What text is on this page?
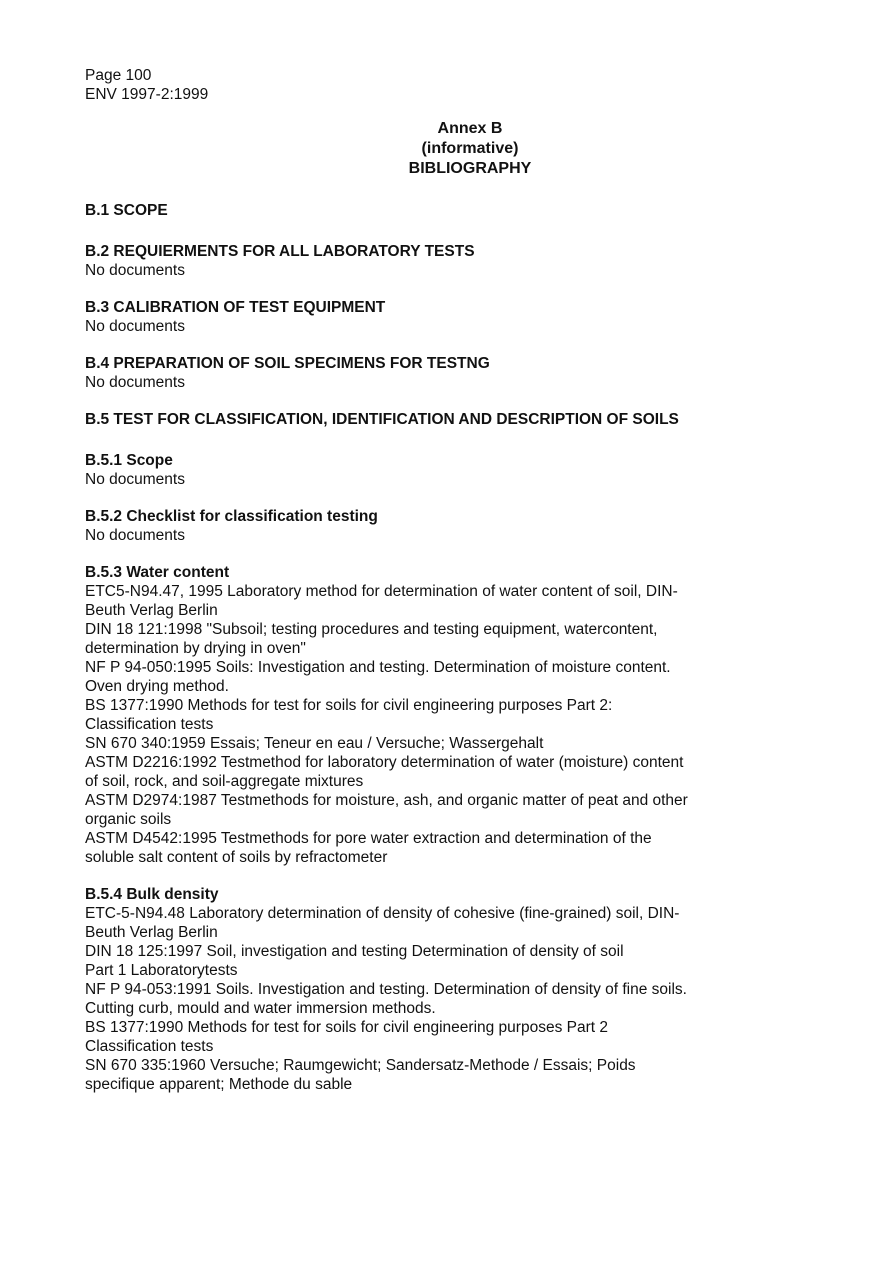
Page 100
ENV 1997-2:1999
Annex B
(informative)
BIBLIOGRAPHY
B.1 SCOPE
B.2 REQUIERMENTS FOR ALL LABORATORY TESTS
No documents
B.3 CALIBRATION OF TEST EQUIPMENT
No documents
B.4 PREPARATION OF SOIL SPECIMENS FOR TESTNG
No documents
B.5 TEST FOR CLASSIFICATION, IDENTIFICATION AND DESCRIPTION OF SOILS
B.5.1 Scope
No documents
B.5.2 Checklist for classification testing
No documents
B.5.3 Water content
ETC5-N94.47, 1995 Laboratory method for determination of water content of soil, DIN-
Beuth Verlag Berlin
DIN 18 121:1998 "Subsoil; testing procedures and testing equipment, watercontent,
determination by drying in oven"
NF P 94-050:1995 Soils: Investigation and testing. Determination of moisture content.
Oven drying method.
BS 1377:1990 Methods for test for soils for civil engineering purposes Part 2:
Classification tests
SN 670 340:1959 Essais; Teneur en eau / Versuche; Wassergehalt
ASTM D2216:1992 Testmethod for laboratory determination of water (moisture) content
of soil, rock, and soil-aggregate mixtures
ASTM D2974:1987 Testmethods for moisture, ash, and organic matter of peat and other
organic soils
ASTM D4542:1995 Testmethods for pore water extraction and determination of the
soluble salt content of soils by refractometer
B.5.4 Bulk density
ETC-5-N94.48 Laboratory determination of density of cohesive (fine-grained) soil, DIN-
Beuth Verlag Berlin
DIN 18 125:1997 Soil, investigation and testing Determination of density of soil
Part 1 Laboratorytests
NF P 94-053:1991 Soils. Investigation and testing. Determination of density of fine soils.
Cutting curb, mould and water immersion methods.
BS 1377:1990 Methods for test for soils for civil engineering purposes Part 2
Classification tests
SN 670 335:1960 Versuche; Raumgewicht; Sandersatz-Methode / Essais; Poids
specifique apparent; Methode du sable
